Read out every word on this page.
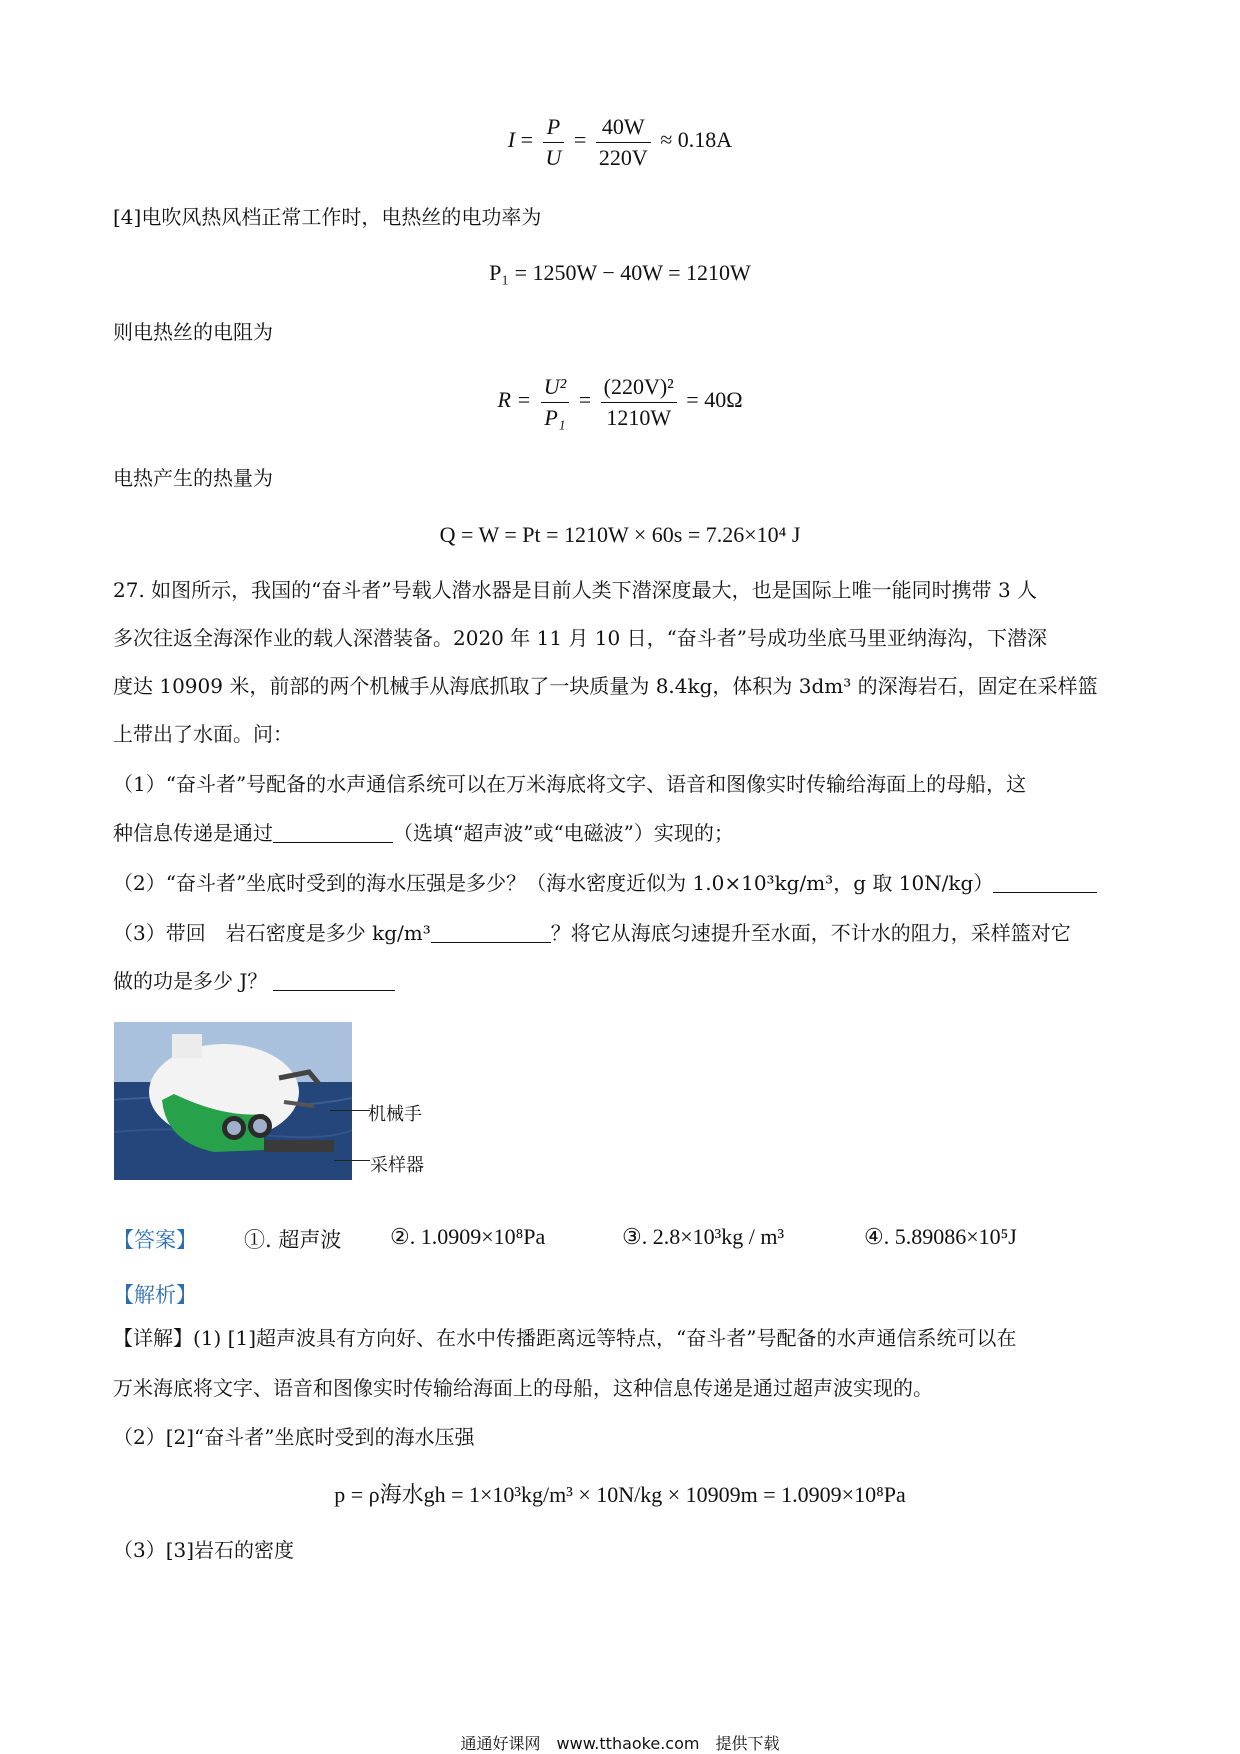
$I = \frac{P}{U} = \frac{40W}{220V} \approx 0.18A$
[4]电吹风热风档正常工作时，电热丝的电功率为
P₁ = 1250W − 40W = 1210W
则电热丝的电阻为
$R = \frac{\text{U²}}{\text{P₁}} = \frac{\text{(220V)²}}{1210W} = 40\Omega$
电热产生的热量为
Q = W = Pt = 1210W × 60s = 7.26×10⁴ J
27. 如图所示，我国的“奋斗者”号载人潜水器是目前人类下潜深度最大，也是国际上唯一能同时携带 3 人
多次往返全海深作业的载人深潜装备。2020 年 11 月 10 日，“奋斗者”号成功坐底马里亚纳海沟，下潜深
度达 10909 米，前部的两个机械手从海底抓取了一块质量为 8.4kg，体积为 3dm³ 的深海岩石，固定在采样篮
上带出了水面。问：
（1）“奋斗者”号配备的水声通信系统可以在万米海底将文字、语音和图像实时传输给海面上的母船，这
种信息传递是通过	（选填“超声波”或“电磁波”）实现的；
（2）“奋斗者”坐底时受到的海水压强是多少？（海水密度近似为 1.0×10³kg/m³，g 取 10N/kg）
（3）带回　岩石密度是多少 kg/m³	？将它从海底匀速提升至水面，不计水的阻力，采样篮对它
做的功是多少 J？
机械手
采样器
【答案】 ①. 超声波 ②. 1.0909×10⁸Pa	③. 2.8×10³kg / m³	④. 5.89086×10⁵J
【解析】
【详解】(1) [1]超声波具有方向好、在水中传播距离远等特点，“奋斗者”号配备的水声通信系统可以在
万米海底将文字、语音和图像实时传输给海面上的母船，这种信息传递是通过超声波实现的。
（2）[2]“奋斗者”坐底时受到的海水压强
p = ρ海水gh = 1×10³kg/m³ × 10N/kg × 10909m = 1.0909×10⁸Pa
（3）[3]岩石的密度
通通好课网　www.tthaoke.com　提供下载
